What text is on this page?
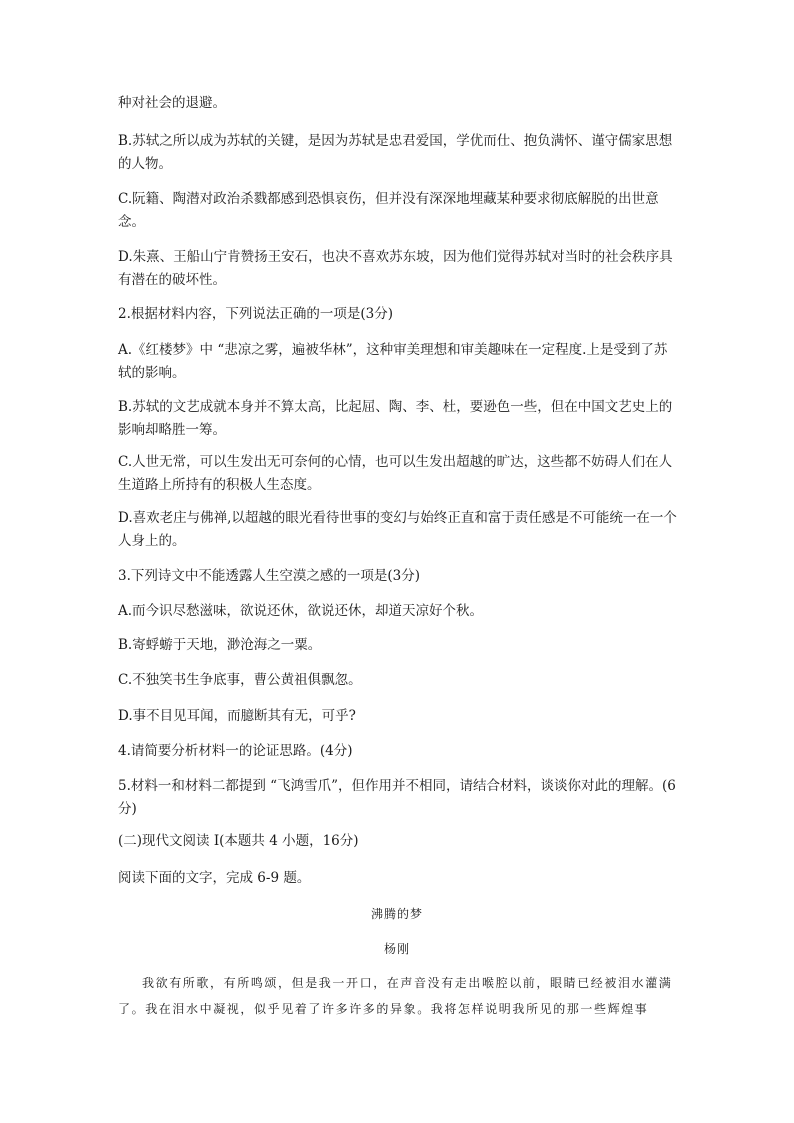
种对社会的退避。

B.苏轼之所以成为苏轼的关键，是因为苏轼是忠君爱国，学优而仕、抱负满怀、谨守儒家思想的人物。

C.阮籍、陶潜对政治杀戮都感到恐惧哀伤，但并没有深深地埋藏某种要求彻底解脱的出世意念。

D.朱熹、王船山宁肯赞扬王安石，也决不喜欢苏东坡，因为他们觉得苏轼对当时的社会秩序具有潜在的破坏性。

2.根据材料内容，下列说法正确的一项是(3分)

A.《红楼梦》中 “悲凉之雾，遍被华林”，这种审美理想和审美趣味在一定程度.上是受到了苏轼的影响。

B.苏轼的文艺成就本身并不算太高，比起屈、陶、李、杜，要逊色一些，但在中国文艺史上的影响却略胜一筹。

C.人世无常，可以生发出无可奈何的心情，也可以生发出超越的旷达，这些都不妨碍人们在人生道路上所持有的积极人生态度。

D.喜欢老庄与佛禅,以超越的眼光看待世事的变幻与始终正直和富于责任感是不可能统一在一个人身上的。

3.下列诗文中不能透露人生空漠之感的一项是(3分)

A.而今识尽愁滋味，欲说还休，欲说还休，却道天凉好个秋。

B.寄蜉蝣于天地，渺沧海之一粟。

C.不独笑书生争底事，曹公黄祖俱飘忽。

D.事不目见耳闻，而臆断其有无，可乎?

4.请简要分析材料一的论证思路。(4分)

5.材料一和材料二都提到 “飞鸿雪爪”，但作用并不相同，请结合材料，谈谈你对此的理解。(6分)

(二)现代文阅读 I(本题共 4 小题，16分)

阅读下面的文字，完成 6-9 题。

沸腾的梦

杨刚

我欲有所歌，有所鸣颂，但是我一开口，在声音没有走出喉腔以前，眼睛已经被泪水灌满了。我在泪水中凝视，似乎见着了许多许多的异象。我将怎样说明我所见的那一些辉煌事
